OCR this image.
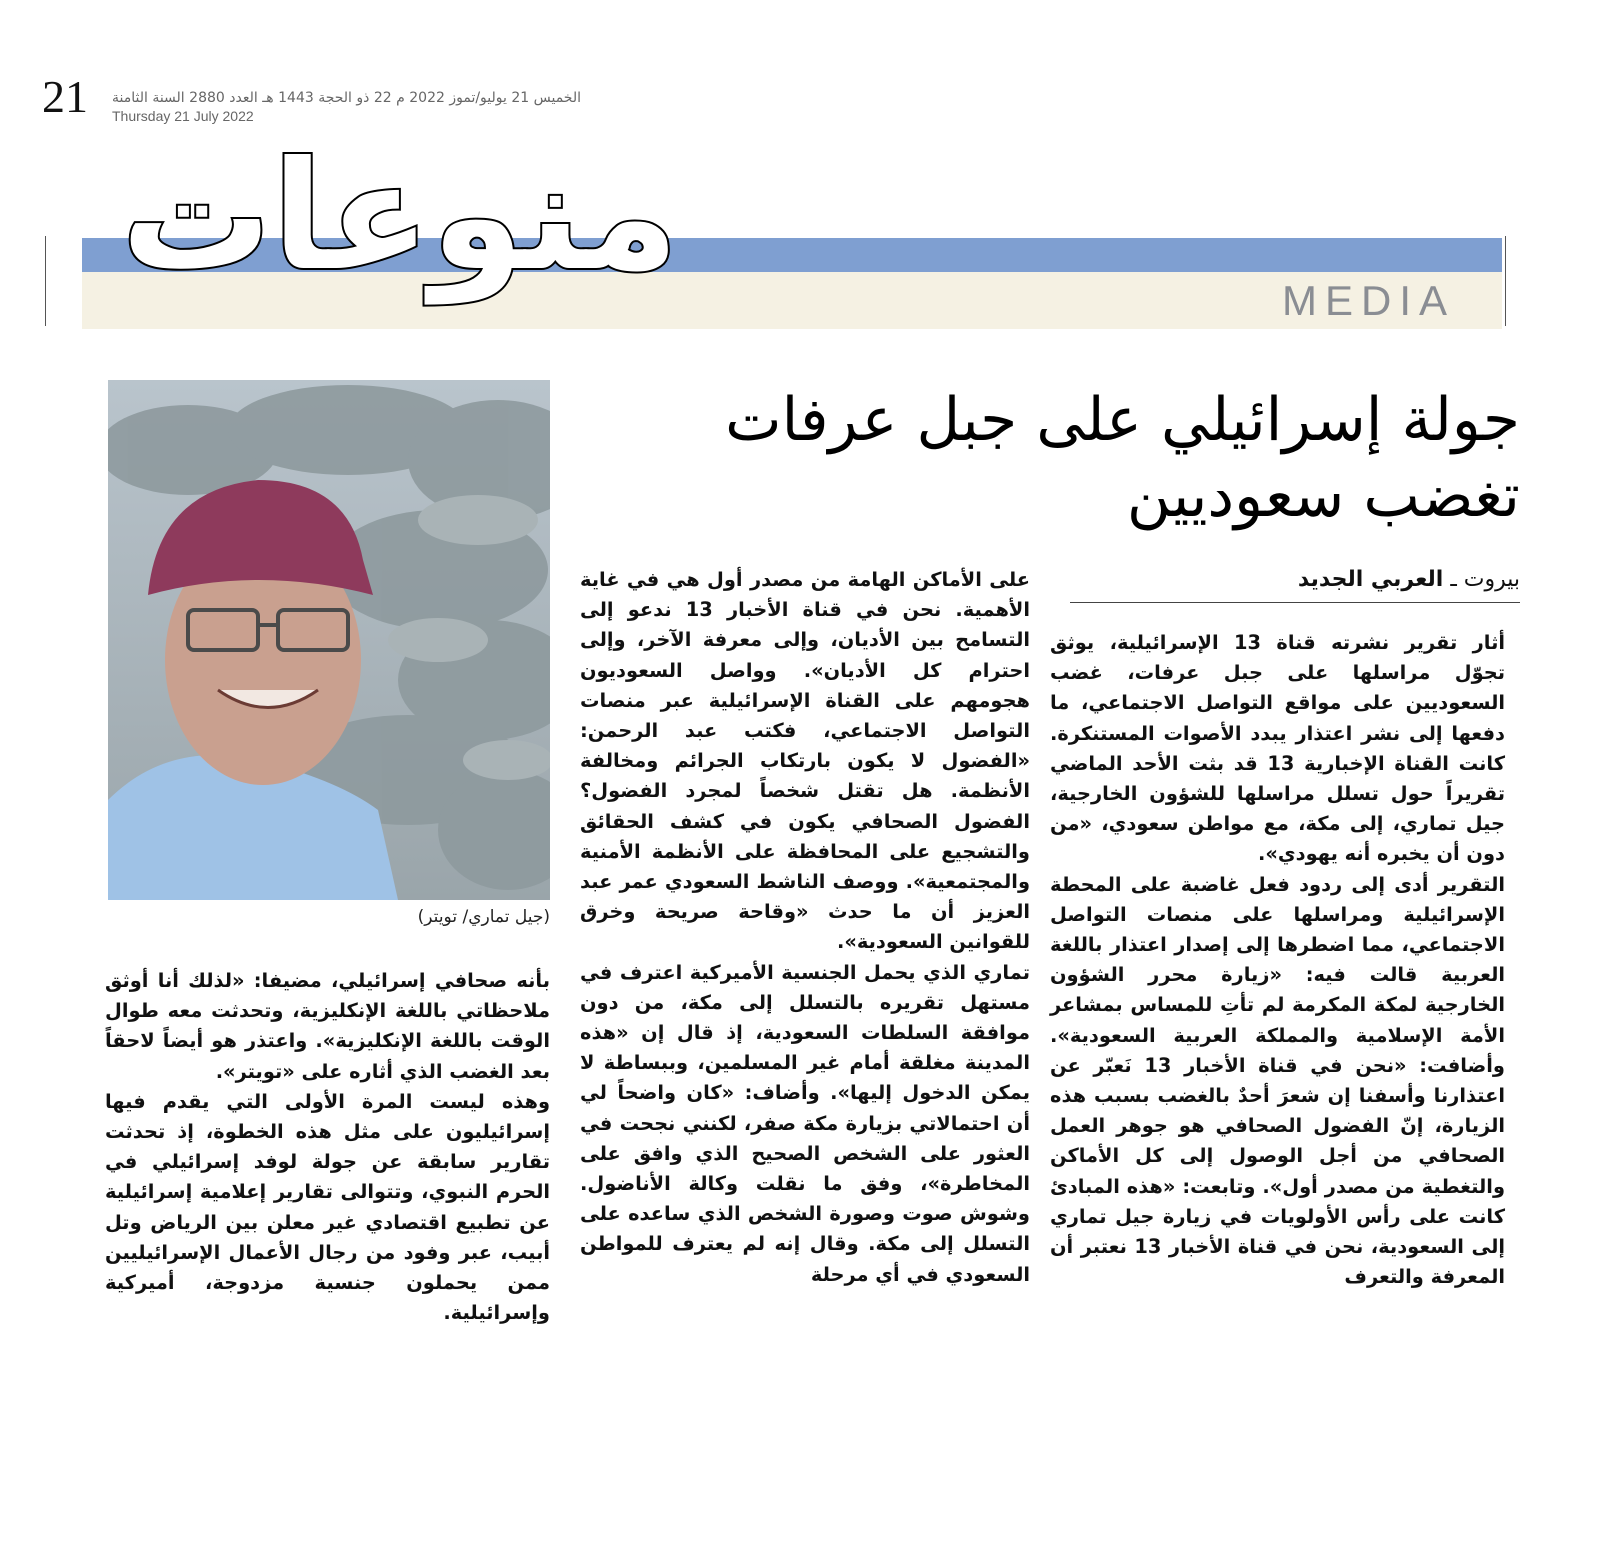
21 الخميس 21 يوليو/تموز 2022 م 22 ذو الحجة 1443 هـ العدد 2880 السنة الثامنة
Thursday 21 July 2022
منوعات	MEDIA
جولة إسرائيلي على جبل عرفات
تغضب سعوديين
بيروت ـ العربي الجديد

أثار تقرير نشرته قناة 13 الإسرائيلية، يوثق تجوّل مراسلها على جبل عرفات، غضب السعوديين على مواقع التواصل الاجتماعي، ما دفعها إلى نشر اعتذار يبدد الأصوات المستنكرة. كانت القناة الإخبارية 13 قد بثت الأحد الماضي تقريراً حول تسلل مراسلها للشؤون الخارجية، جيل تماري، إلى مكة، مع مواطن سعودي، «من دون أن يخبره أنه يهودي».

التقرير أدى إلى ردود فعل غاضبة على المحطة الإسرائيلية ومراسلها على منصات التواصل الاجتماعي، مما اضطرها إلى إصدار اعتذار باللغة العربية قالت فيه: «زيارة محرر الشؤون الخارجية لمكة المكرمة لم تأتِ للمساس بمشاعر الأمة الإسلامية والمملكة العربية السعودية». وأضافت: «نحن في قناة الأخبار 13 نَعبّر عن اعتذارنا وأسفنا إن شعرَ أحدٌ بالغضب بسبب هذه الزيارة، إنّ الفضول الصحافي هو جوهر العمل الصحافي من أجل الوصول إلى كل الأماكن والتغطية من مصدر أول». وتابعت: «هذه المبادئ كانت على رأس الأولويات في زيارة جيل تماري إلى السعودية، نحن في قناة الأخبار 13 نعتبر أن المعرفة والتعرف

على الأماكن الهامة من مصدر أول هي في غاية الأهمية. نحن في قناة الأخبار 13 ندعو إلى التسامح بين الأديان، وإلى معرفة الآخر، وإلى احترام كل الأديان». وواصل السعوديون هجومهم على القناة الإسرائيلية عبر منصات التواصل الاجتماعي، فكتب عبد الرحمن: «الفضول لا يكون بارتكاب الجرائم ومخالفة الأنظمة. هل تقتل شخصاً لمجرد الفضول؟ الفضول الصحافي يكون في كشف الحقائق والتشجيع على المحافظة على الأنظمة الأمنية والمجتمعية». ووصف الناشط السعودي عمر عبد العزيز أن ما حدث «وقاحة صريحة وخرق للقوانين السعودية».

تماري الذي يحمل الجنسية الأميركية اعترف في مستهل تقريره بالتسلل إلى مكة، من دون موافقة السلطات السعودية، إذ قال إن «هذه المدينة مغلقة أمام غير المسلمين، وببساطة لا يمكن الدخول إليها». وأضاف: «كان واضحاً لي أن احتمالاتي بزيارة مكة صفر، لكنني نجحت في العثور على الشخص الصحيح الذي وافق على المخاطرة»، وفق ما نقلت وكالة الأناضول. وشوش صوت وصورة الشخص الذي ساعده على التسلل إلى مكة. وقال إنه لم يعترف للمواطن السعودي في أي مرحلة

(جيل تماري/ تويتر)

بأنه صحافي إسرائيلي، مضيفا: «لذلك أنا أوثق ملاحظاتي باللغة الإنكليزية، وتحدثت معه طوال الوقت باللغة الإنكليزية». واعتذر هو أيضاً لاحقاً بعد الغضب الذي أثاره على «تويتر».

وهذه ليست المرة الأولى التي يقدم فيها إسرائيليون على مثل هذه الخطوة، إذ تحدثت تقارير سابقة عن جولة لوفد إسرائيلي في الحرم النبوي، وتتوالى تقارير إعلامية إسرائيلية عن تطبيع اقتصادي غير معلن بين الرياض وتل أبيب، عبر وفود من رجال الأعمال الإسرائيليين ممن يحملون جنسية مزدوجة، أميركية وإسرائيلية.
